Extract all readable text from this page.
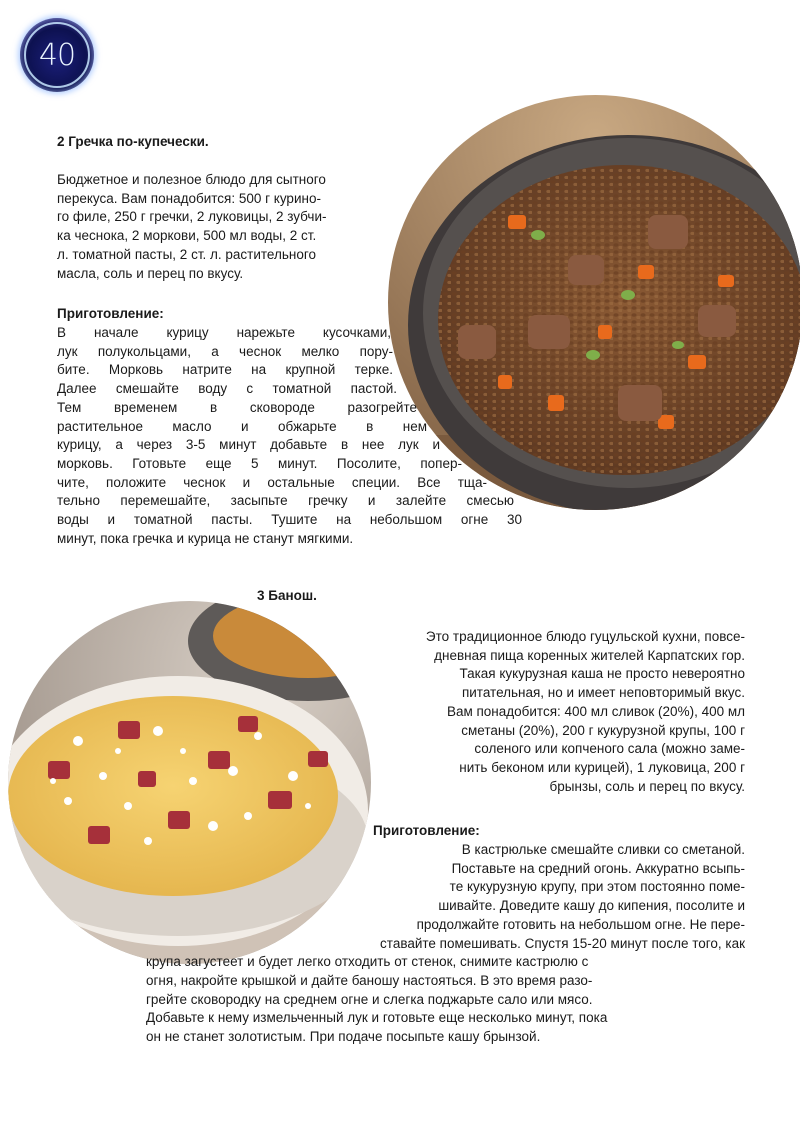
40
2 Гречка по-купечески.
Бюджетное и полезное блюдо для сытного
перекуса. Вам понадобится: 500 г курино-
го филе, 250 г гречки, 2 луковицы, 2 зубчи-
ка чеснока, 2 моркови, 500 мл воды, 2 ст.
л. томатной пасты, 2 ст. л. растительного
масла, соль и перец по вкусу.
Приготовление:
В начале курицу нарежьте кусочками,
лук полукольцами, а чеснок мелко пору-
бите. Морковь натрите на крупной терке.
Далее смешайте воду с томатной пастой.
Тем временем в сковороде разогрейте
растительное масло и обжарьте в нем
курицу, а через 3-5 минут добавьте в нее лук и
морковь. Готовьте еще 5 минут. Посолите, попер-
чите, положите чеснок и остальные специи. Все тща-
тельно перемешайте, засыпьте гречку и залейте смесью
воды и томатной пасты. Тушите на небольшом огне 30
минут, пока гречка и курица не станут мягкими.
3 Банош.
Это традиционное блюдо гуцульской кухни, повсе-
дневная пища коренных жителей Карпатских гор.
Такая кукурузная каша не просто невероятно
питательная, но и имеет неповторимый вкус.
Вам понадобится: 400 мл сливок (20%), 400 мл
сметаны (20%), 200 г кукурузной крупы, 100 г
соленого или копченого сала (можно заме-
нить беконом или курицей), 1 луковица, 200 г
брынзы, соль и перец по вкусу.
Приготовление:
В кастрюльке смешайте сливки со сметаной.
Поставьте на средний огонь. Аккуратно всыпь-
те кукурузную крупу, при этом постоянно поме-
шивайте. Доведите кашу до кипения, посолите и
продолжайте готовить на небольшом огне. Не пере-
ставайте помешивать. Спустя 15-20 минут после того, как
крупа загустеет и будет легко отходить от стенок, снимите кастрюлю с
огня, накройте крышкой и дайте баношу настояться. В это время разо-
грейте сковородку на среднем огне и слегка поджарьте сало или мясо.
Добавьте к нему измельченный лук и готовьте еще несколько минут, пока
он не станет золотистым. При подаче посыпьте кашу брынзой.
